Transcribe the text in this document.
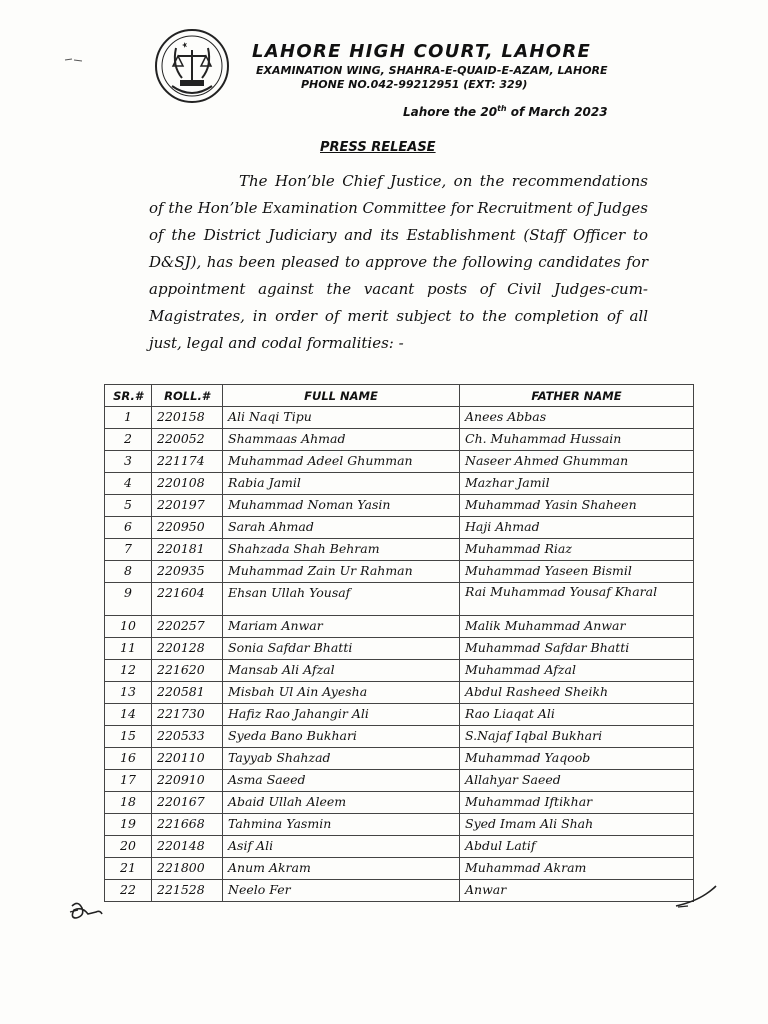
LAHORE HIGH COURT, LAHORE
EXAMINATION WING, SHAHRA-E-QUAID-E-AZAM, LAHORE
PHONE NO.042-99212951 (EXT: 329)
Lahore the 20th of March 2023
PRESS RELEASE
The Hon’ble Chief Justice, on the recommendations of the Hon’ble Examination Committee for Recruitment of Judges of the District Judiciary and its Establishment (Staff Officer to D&SJ), has been pleased to approve the following candidates for appointment against the vacant posts of Civil Judges-cum-Magistrates, in order of merit subject to the completion of all just, legal and codal formalities: -
SR.#	ROLL.#	FULL NAME	FATHER NAME
1	220158	Ali Naqi Tipu	Anees Abbas
2	220052	Shammaas Ahmad	Ch. Muhammad Hussain
3	221174	Muhammad Adeel Ghumman	Naseer Ahmed Ghumman
4	220108	Rabia Jamil	Mazhar Jamil
5	220197	Muhammad Noman Yasin	Muhammad Yasin Shaheen
6	220950	Sarah Ahmad	Haji Ahmad
7	220181	Shahzada Shah Behram	Muhammad Riaz
8	220935	Muhammad Zain Ur Rahman	Muhammad Yaseen Bismil
9	221604	Ehsan Ullah Yousaf	Rai Muhammad Yousaf Kharal
10	220257	Mariam Anwar	Malik Muhammad Anwar
11	220128	Sonia Safdar Bhatti	Muhammad Safdar Bhatti
12	221620	Mansab Ali Afzal	Muhammad Afzal
13	220581	Misbah Ul Ain Ayesha	Abdul Rasheed Sheikh
14	221730	Hafiz Rao Jahangir Ali	Rao Liaqat Ali
15	220533	Syeda Bano Bukhari	S.Najaf Iqbal Bukhari
16	220110	Tayyab Shahzad	Muhammad Yaqoob
17	220910	Asma Saeed	Allahyar Saeed
18	220167	Abaid Ullah Aleem	Muhammad Iftikhar
19	221668	Tahmina Yasmin	Syed Imam Ali Shah
20	220148	Asif Ali	Abdul Latif
21	221800	Anum Akram	Muhammad Akram
22	221528	Neelo Fer	Anwar
